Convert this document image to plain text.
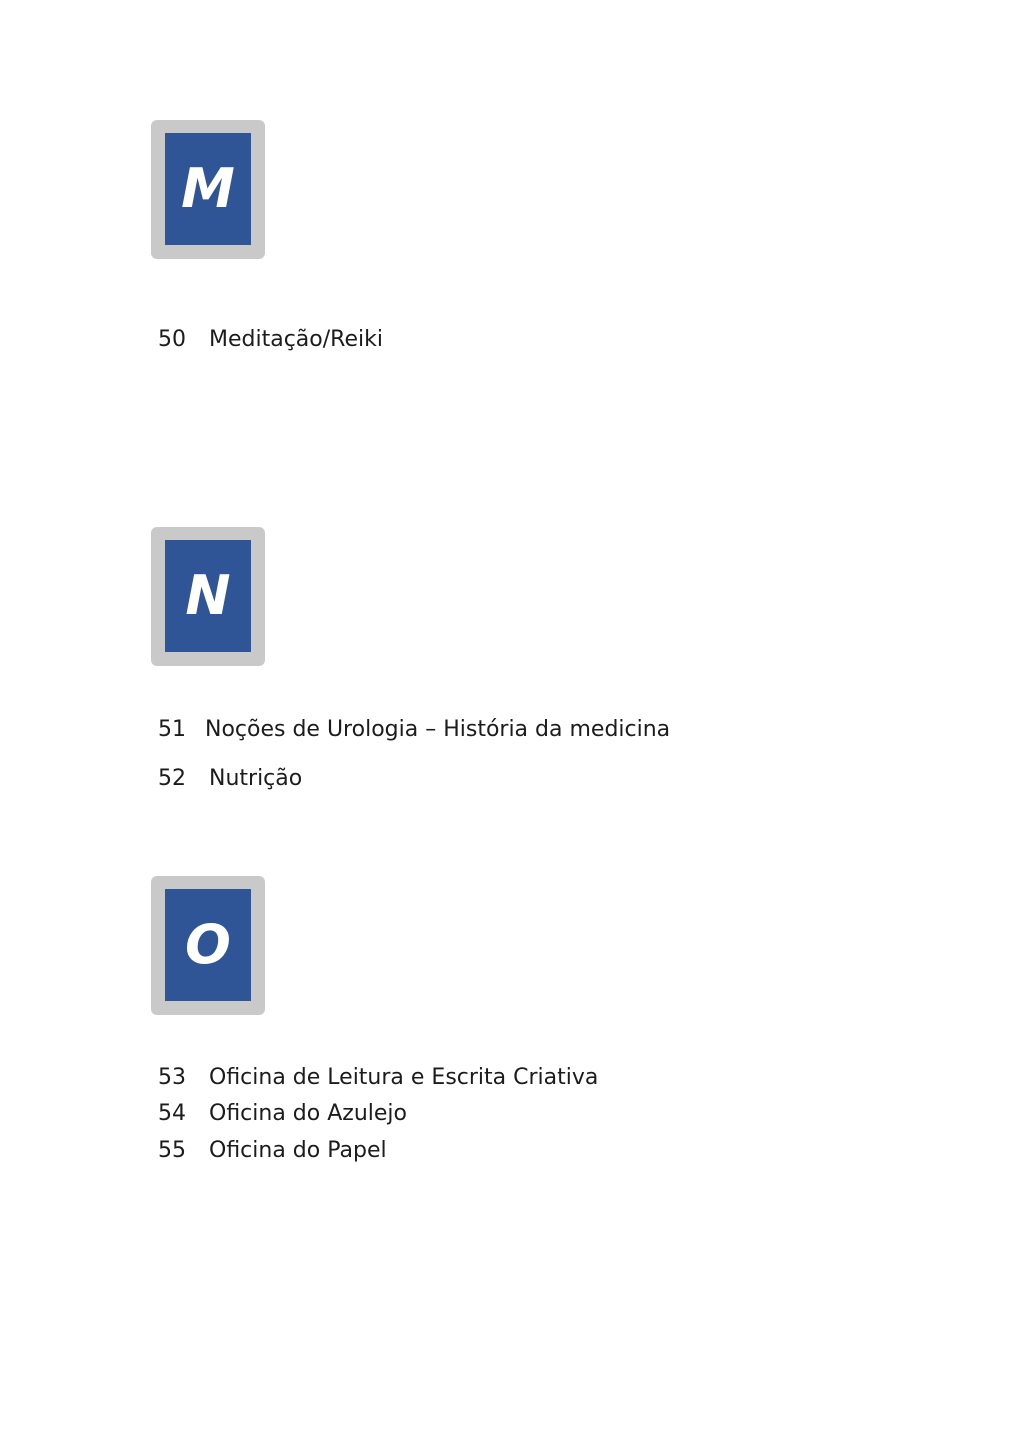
M
50 Meditação/Reiki
N
51 Noções de Urologia – História da medicina
52 Nutrição
O
53 Oficina de Leitura e Escrita Criativa
54 Oficina do Azulejo
55 Oficina do Papel
